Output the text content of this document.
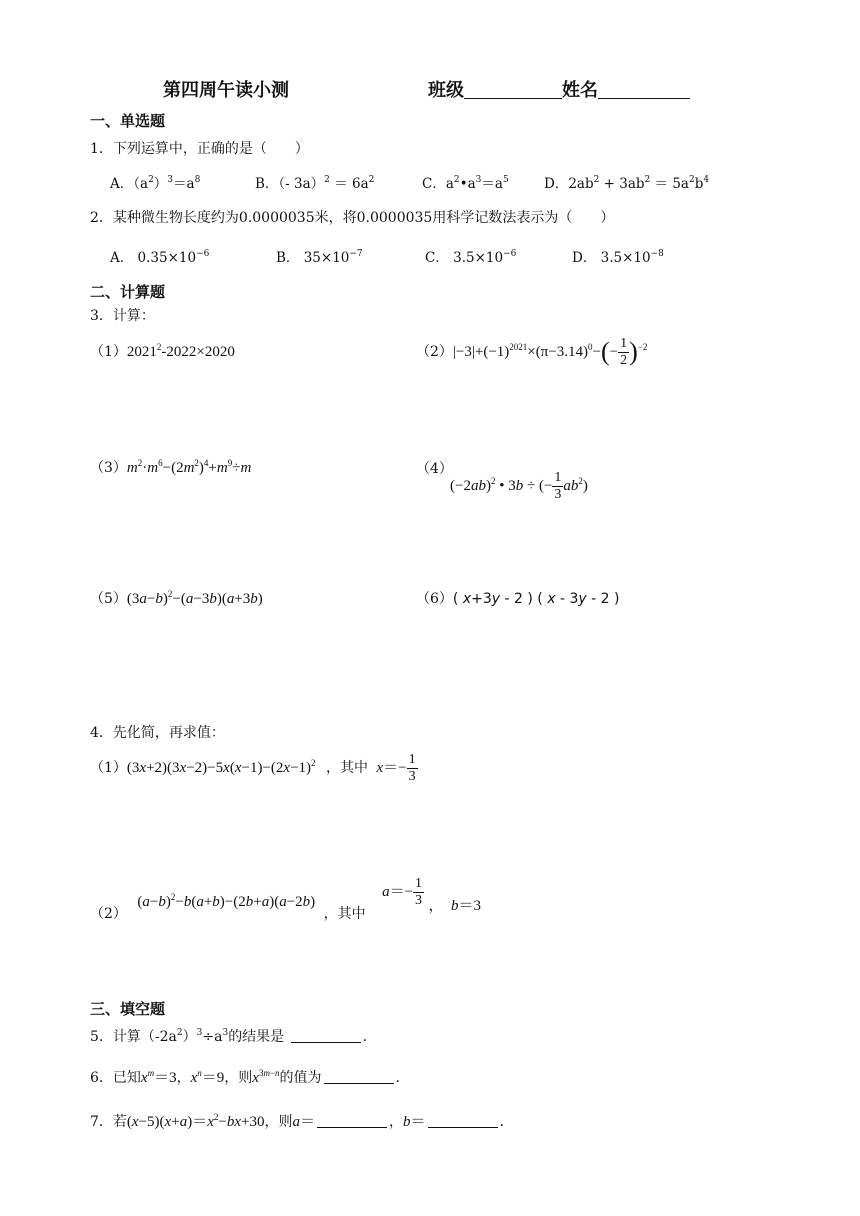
第四周午读小测	班级	姓名
一、单选题
1．下列运算中，正确的是（　　）
A．$(a^2)^3=a^8$	B．（- $3a)^2 = 6a^2$	C．$a^2•a^3=a^5$	D．$2ab^2 + 3ab^2 = 5a^2b^4$
2．某种微生物长度约为0.0000035米，将0.0000035用科学记数法表示为（　　）
A． $0.35\times 10^{-6}$	B． $35\times 10^{-7}$	C． $3.5\times 10^{-6}$	D． $3.5\times 10^{-8}$
二、计算题
3．计算：
$(1)2021^2-2022\times 2020$	$(2)|-3|+(-1)^{2021}\times(\pi-3.14)^0-(- \frac{1}{2} )^{-2}$
$(3)m^2\cdot m^6-(2m^2)^4+m^9\div m$	（4）
$(-2ab)^2$ • 3b ÷ (− $\frac{1}{3} ab^2$)
$(5)(3a-b)^2-(a-3b)(a+3b)$	（6）( x+3y - 2 ) ( x - 3y - 2 )
4．先化简，再求值：
$(1)(3x+2)(3x-2)-5x(x-1)-(2x-1)^2$ ，其中 $x=- \frac{1}{3}$
（2） $(a-b)^2-b(a+b)-(2b+a)(a-2b)$ ，其中 $a=- \frac{1}{3}$ ，  b＝3
三、填空题
5．计算$(-2a^2)^3\div a^3$的结果是	.
6．已知$x^m=3$，$x^n=9$，则$x^{3m-n}$的值为	.
7．若$(x-5)(x+a)=x^2-bx+30$，则a＝	，b＝	.
